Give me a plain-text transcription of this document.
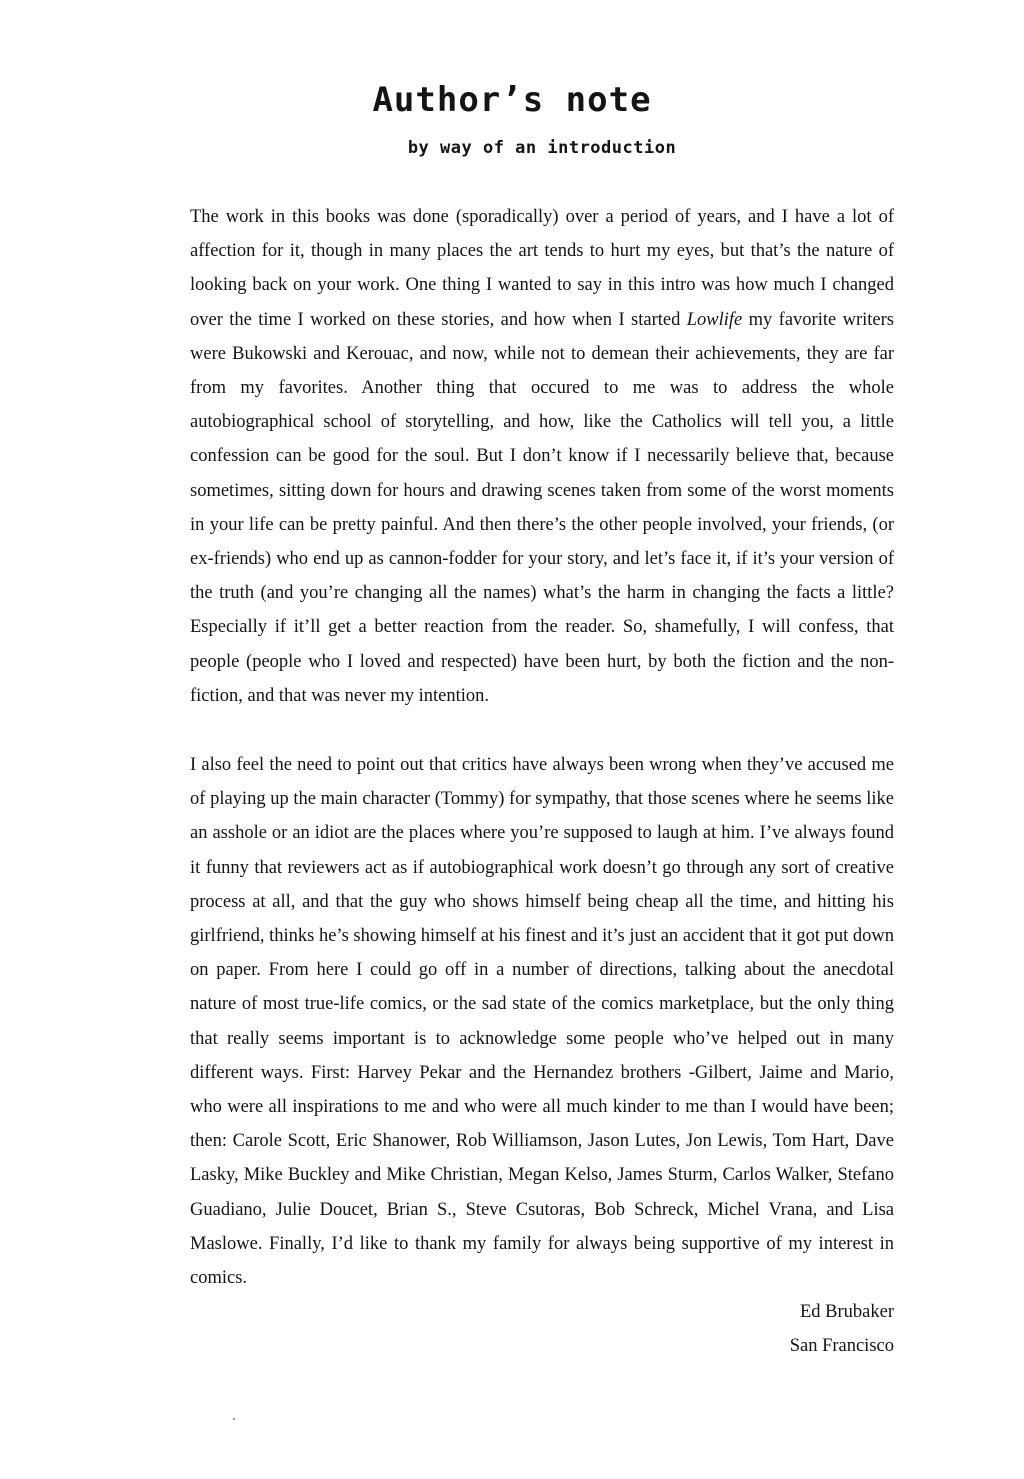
Author’s note
by way of an introduction

The work in this books was done (sporadically) over a period of years, and I have a lot of affection for it, though in many places the art tends to hurt my eyes, but that’s the nature of looking back on your work. One thing I wanted to say in this intro was how much I changed over the time I worked on these stories, and how when I started Lowlife my favorite writers were Bukowski and Kerouac, and now, while not to demean their achievements, they are far from my favorites. Another thing that occured to me was to address the whole autobiographical school of storytelling, and how, like the Catholics will tell you, a little confession can be good for the soul. But I don’t know if I necessarily believe that, because sometimes, sitting down for hours and drawing scenes taken from some of the worst moments in your life can be pretty painful. And then there’s the other people involved, your friends, (or ex-friends) who end up as cannon-fodder for your story, and let’s face it, if it’s your version of the truth (and you’re changing all the names) what’s the harm in changing the facts a little? Especially if it’ll get a better reaction from the reader. So, shamefully, I will confess, that people (people who I loved and respected) have been hurt, by both the fiction and the non-fiction, and that was never my intention.

I also feel the need to point out that critics have always been wrong when they’ve accused me of playing up the main character (Tommy) for sympathy, that those scenes where he seems like an asshole or an idiot are the places where you’re supposed to laugh at him. I’ve always found it funny that reviewers act as if autobiographical work doesn’t go through any sort of creative process at all, and that the guy who shows himself being cheap all the time, and hitting his girlfriend, thinks he’s showing himself at his finest and it’s just an accident that it got put down on paper. From here I could go off in a number of directions, talking about the anecdotal nature of most true-life comics, or the sad state of the comics marketplace, but the only thing that really seems important is to acknowledge some people who’ve helped out in many different ways. First: Harvey Pekar and the Hernandez brothers -Gilbert, Jaime and Mario, who were all inspirations to me and who were all much kinder to me than I would have been; then: Carole Scott, Eric Shanower, Rob Williamson, Jason Lutes, Jon Lewis, Tom Hart, Dave Lasky, Mike Buckley and Mike Christian, Megan Kelso, James Sturm, Carlos Walker, Stefano Guadiano, Julie Doucet, Brian S., Steve Csutoras, Bob Schreck, Michel Vrana, and Lisa Maslowe. Finally, I’d like to thank my family for always being supportive of my interest in comics.

Ed Brubaker

San Francisco
